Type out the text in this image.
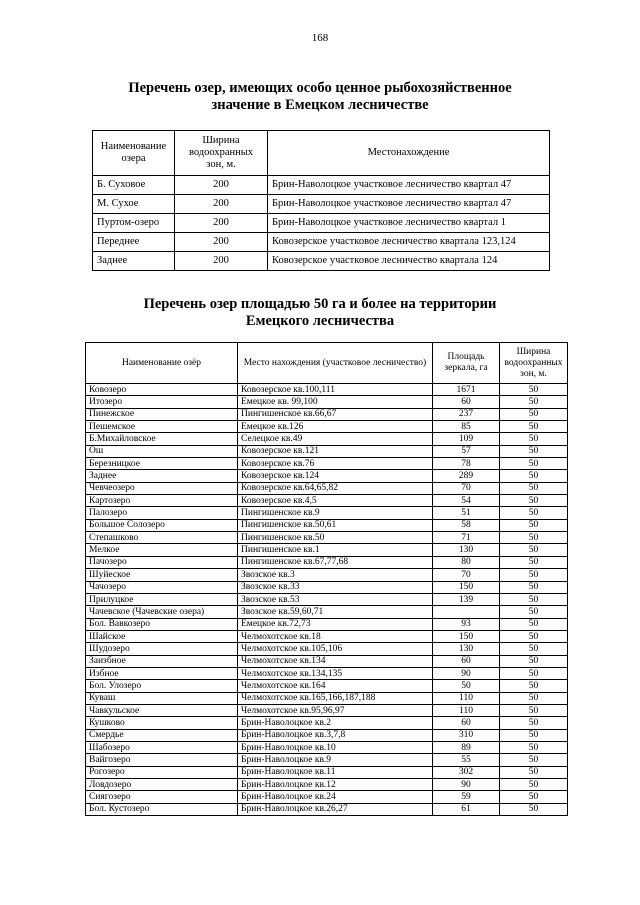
168
Перечень озер, имеющих особо ценное рыбохозяйственное
значение в Емецком лесничестве
Наименование озера	Ширина водоохранных зон, м.	Местонахождение
Б. Суховое	200	Брин-Наволоцкое участковое лесничество квартал 47
М. Сухое	200	Брин-Наволоцкое участковое лесничество квартал 47
Пуртом-озеро	200	Брин-Наволоцкое участковое лесничество квартал 1
Переднее	200	Ковозерское участковое лесничество квартала 123,124
Заднее	200	Ковозерское участковое лесничество квартала 124
Перечень озер площадью 50 га и более на территории
Емецкого лесничества
Наименование озёр	Место нахождения (участковое лесничество)	Площадь зеркала, га	Ширина водоохранных зон, м.
Ковозеро	Ковозерское кв.100,111	1671	50
Итозеро	Емецкое кв. 99,100	60	50
Пинежское	Пингишенское кв.66,67	237	50
Пешемское	Емецкое кв.126	85	50
Б.Михайловское	Селецкое кв.49	109	50
Ош	Ковозерское кв.121	57	50
Березницкое	Ковозерское кв.76	78	50
Заднее	Ковозерское кв.124	289	50
Чевчеозеро	Ковозерское кв.64,65,82	70	50
Картозеро	Ковозерское кв.4,5	54	50
Палозеро	Пингишенское кв.9	51	50
Большое Солозеро	Пингишенское кв.50,61	58	50
Степашково	Пингишенское кв.50	71	50
Мелкое	Пингишенское кв.1	130	50
Пачозеро	Пингишенское кв.67,77,68	80	50
Шуйеское	Звозское кв.3	70	50
Чачозеро	Звозское кв.33	150	50
Прилуцкое	Звозское кв.53	139	50
Чачевское (Чачевские озера)	Звозское кв.59,60,71		50
Бол. Вавкозеро	Емецкое кв.72,73	93	50
Шайское	Челмохотское кв.18	150	50
Шудозеро	Челмохотское кв.105,106	130	50
Заизбное	Челмохотское кв.134	60	50
Избное	Челмохотское кв.134,135	90	50
Бол. Улозеро	Челмохотское кв.164	50	50
Куваш	Челмохотское кв.165,166,187,188	110	50
Чавкульское	Челмохотское кв.95,96,97	110	50
Кушково	Брин-Наволоцкое кв.2	60	50
Смердье	Брин-Наволоцкое кв.3,7,8	310	50
Шабозеро	Брин-Наволоцкое кв.10	89	50
Вайгозеро	Брин-Наволоцкое кв.9	55	50
Рогозеро	Брин-Наволоцкое кв.11	302	50
Ловдозеро	Брин-Наволоцкое кв.12	90	50
Сиягозеро	Брин-Наволоцкое кв.24	59	50
Бол. Кустозеро	Брин-Наволоцкое кв.26,27	61	50
